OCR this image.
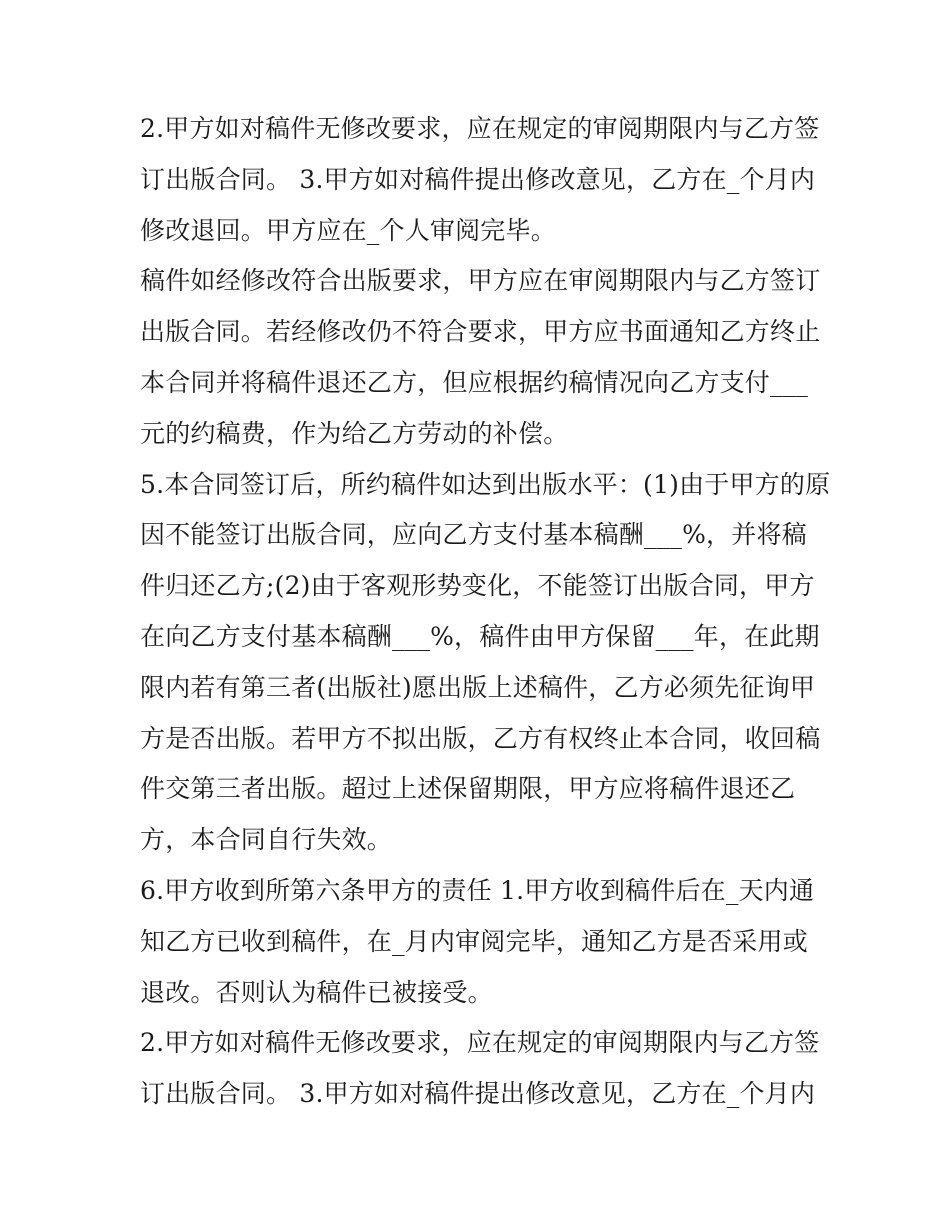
2.甲方如对稿件无修改要求，应在规定的审阅期限内与乙方签
订出版合同。 3.甲方如对稿件提出修改意见，乙方在_个月内
修改退回。甲方应在_个人审阅完毕。
稿件如经修改符合出版要求，甲方应在审阅期限内与乙方签订
出版合同。若经修改仍不符合要求，甲方应书面通知乙方终止
本合同并将稿件退还乙方，但应根据约稿情况向乙方支付___
元的约稿费，作为给乙方劳动的补偿。
5.本合同签订后，所约稿件如达到出版水平：(1)由于甲方的原
因不能签订出版合同，应向乙方支付基本稿酬___%，并将稿
件归还乙方;(2)由于客观形势变化，不能签订出版合同，甲方
在向乙方支付基本稿酬___%，稿件由甲方保留___年，在此期
限内若有第三者(出版社)愿出版上述稿件，乙方必须先征询甲
方是否出版。若甲方不拟出版，乙方有权终止本合同，收回稿
件交第三者出版。超过上述保留期限，甲方应将稿件退还乙
方，本合同自行失效。
6.甲方收到所第六条甲方的责任 1.甲方收到稿件后在_天内通
知乙方已收到稿件，在_月内审阅完毕，通知乙方是否采用或
退改。否则认为稿件已被接受。
2.甲方如对稿件无修改要求，应在规定的审阅期限内与乙方签
订出版合同。 3.甲方如对稿件提出修改意见，乙方在_个月内
